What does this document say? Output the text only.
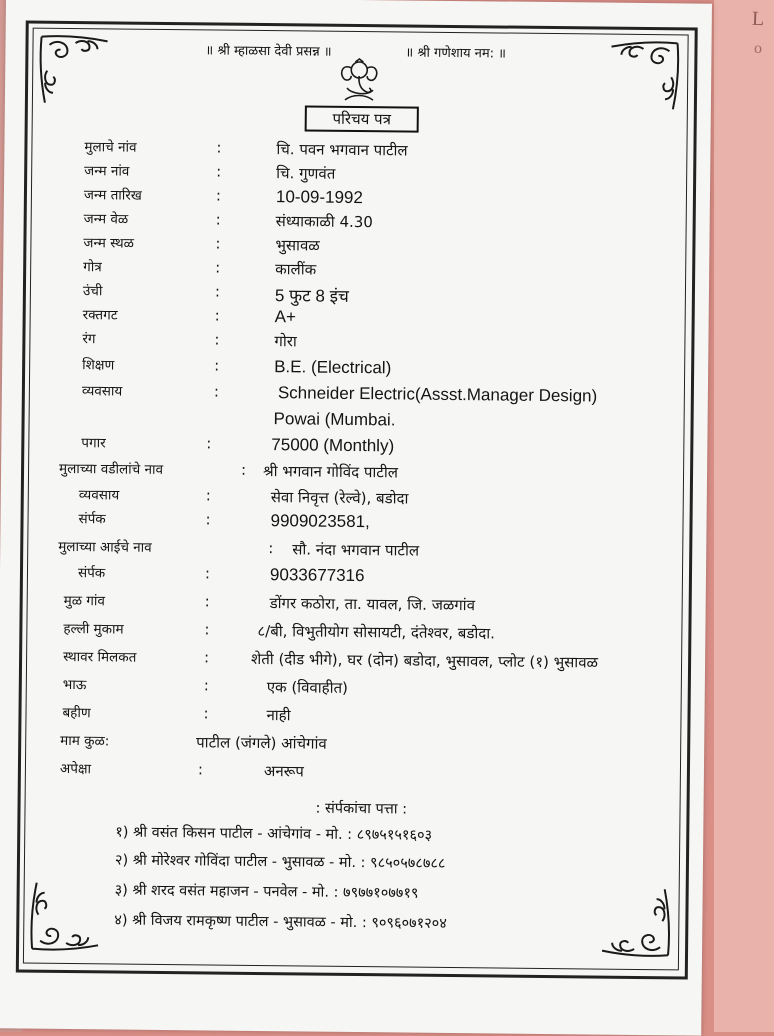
L
o
॥ श्री म्हाळसा देवी प्रसन्न ॥	॥ श्री गणेशाय नम: ॥
परिचय पत्र
मुलाचे नांव	:	चि. पवन भगवान पाटील
जन्म नांव	:	चि. गुणवंत
जन्म तारिख	:	10-09-1992
जन्म वेळ	:	संध्याकाळी 4.30
जन्म स्थळ	:	भुसावळ
गोत्र	:	कालींक
उंची	:	5 फुट 8 इंच
रक्तगट	:	A+
रंग	:	गोरा
शिक्षण	:	B.E. (Electrical)
व्यवसाय	:	Schneider Electric(Assst.Manager Design)
Powai (Mumbai.
पगार	:	75000 (Monthly)
मुलाच्या वडीलांचे नाव	: श्री भगवान गोविंद पाटील
व्यवसाय	:	सेवा निवृत्त (रेल्वे), बडोदा
संर्पक	:	9909023581,
मुलाच्या आईचे नाव	: सौ. नंदा भगवान पाटील
संर्पक	:	9033677316
मुळ गांव	:	डोंगर कठोरा, ता. यावल, जि. जळगांव
हल्ली मुकाम	:	८/बी, विभुतीयोग सोसायटी, दंतेश्वर, बडोदा.
स्थावर मिलकत	:	शेती (दीड भीगे), घर (दोन) बडोदा, भुसावल, प्लोट (१) भुसावळ
भाऊ	:	एक (विवाहीत)
बहीण	:	नाही
माम कुळ:	पाटील (जंगले) आंचेगांव
अपेक्षा	:	अनरूप
: संर्पकांचा पत्ता :
१) श्री वसंत किसन पाटील - आंचेगांव - मो. : ८९७५१५१६०३
२) श्री मोरेश्वर गोविंदा पाटील - भुसावळ - मो. : ९८५०५७८७८८
३) श्री शरद वसंत महाजन - पनवेल - मो. : ७९७७१०७७१९
४) श्री विजय रामकृष्ण पाटील - भुसावळ - मो. : ९०९६०७१२०४
